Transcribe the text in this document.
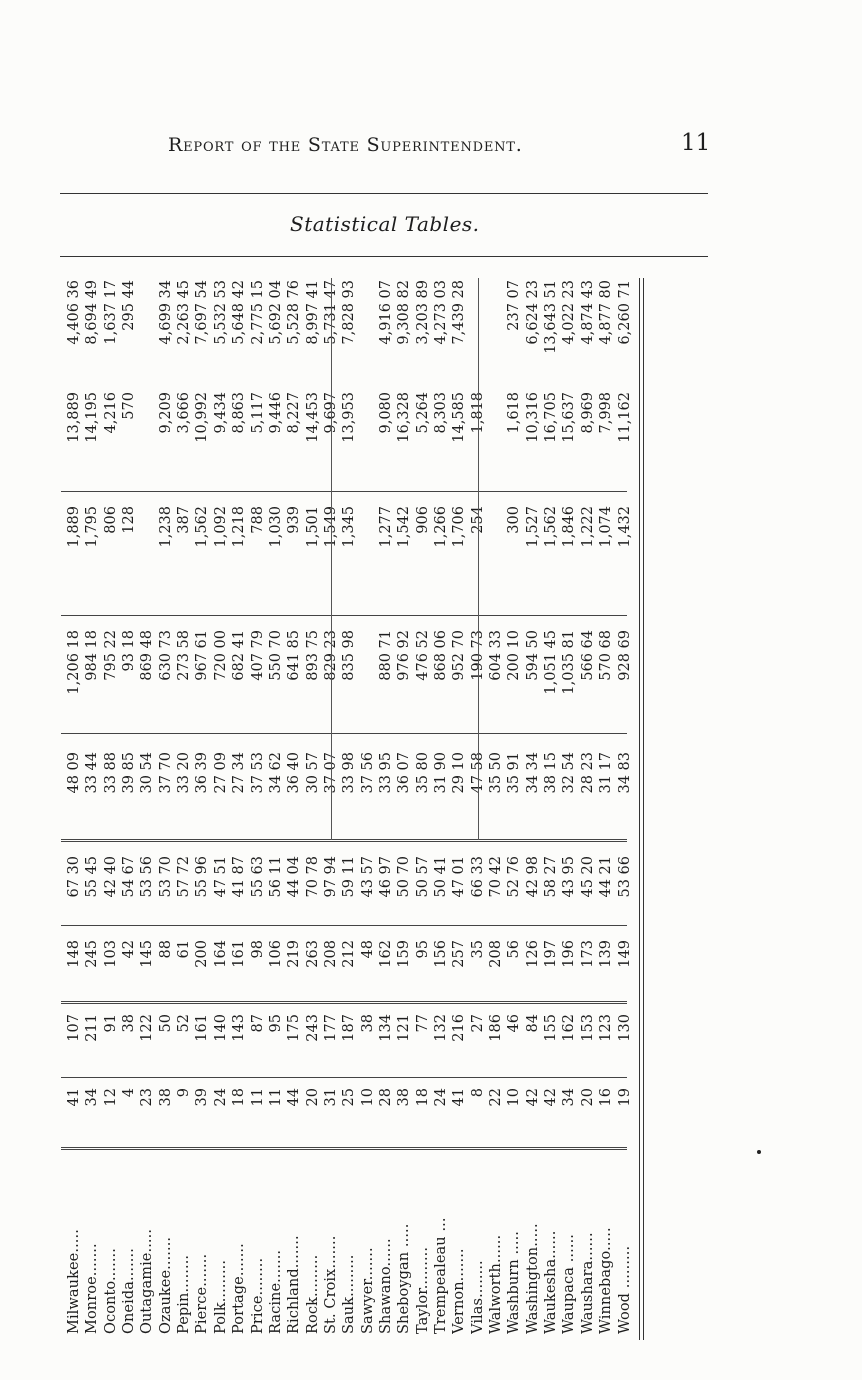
Report of the State Superintendent.	11
Statistical Tables.
Milwaukee.....
41
107
148
67 30
48 09
1,206 18
1,889
13,889
4,406 36
Monroe.......
34
211
245
55 45
33 44
984 18
1,795
14,195
8,694 49
Oconto.......
12
91
103
42 40
33 88
795 22
806
4,216
1,637 17
Oneida.......
4
38
42
54 67
39 85
93 18
128
570
295 44
Outagamie.....
23
122
145
53 56
30 54
869 48
Ozaukee.......
38
50
88
53 70
37 70
630 73
1,238
9,209
4,699 34
Pepin........
9
52
61
57 72
33 20
273 58
387
3,666
2,263 45
Pierce.......
39
161
200
55 96
36 39
967 61
1,562
10,992
7,697 54
Polk.........
24
140
164
47 51
27 09
720 00
1,092
9,434
5,532 53
Portage.......
18
143
161
41 87
27 34
682 41
1,218
8,863
5,648 42
Price........
11
87
98
55 63
37 53
407 79
788
5,117
2,775 15
Racine.......
11
95
106
56 11
34 62
550 70
1,030
9,446
5,692 04
Richland.......
44
175
219
44 04
36 40
641 85
939
8,227
5,528 76
Rock.........
20
243
263
70 78
30 57
893 75
1,501
14,453
8,997 41
St. Croix.......
31
177
208
97 94
37 07
829 23
1,549
9,697
5,731 47
Sauk.........
25
187
212
59 11
33 98
835 98
1,345
13,953
7,828 93
Sawyer.......
10
38
48
43 57
37 56
Shawano......
28
134
162
46 97
33 95
880 71
1,277
9,080
4,916 07
Sheboygan .....
38
121
159
50 70
36 07
976 92
1,542
16,328
9,308 82
Taylor.........
18
77
95
50 57
35 80
476 52
906
5,264
3,203 89
Trempealeau ...
24
132
156
50 41
31 90
868 06
1,266
8,303
4,273 03
Vernon.......
41
216
257
47 01
29 10
952 70
1,706
14,585
7,439 28
Vilas........
8
27
35
66 33
47 58
190 73
254
1,818
Walworth......
22
186
208
70 42
35 50
604 33
Washburn .....
10
46
56
52 76
35 91
200 10
300
1,618
237 07
Washington.....
42
84
126
42 98
34 34
594 50
1,527
10,316
6,624 23
Waukesha......
42
155
197
58 27
38 15
1,051 45
1,562
16,705
13,643 51
Waupaca ......
34
162
196
43 95
32 54
1,035 81
1,846
15,637
4,022 23
Waushara......
20
153
173
45 20
28 23
566 64
1,222
8,969
4,874 43
Winnebago.....
16
123
139
44 21
31 17
570 68
1,074
7,998
4,877 80
Wood .........
19
130
149
53 66
34 83
928 69
1,432
11,162
6,260 71
